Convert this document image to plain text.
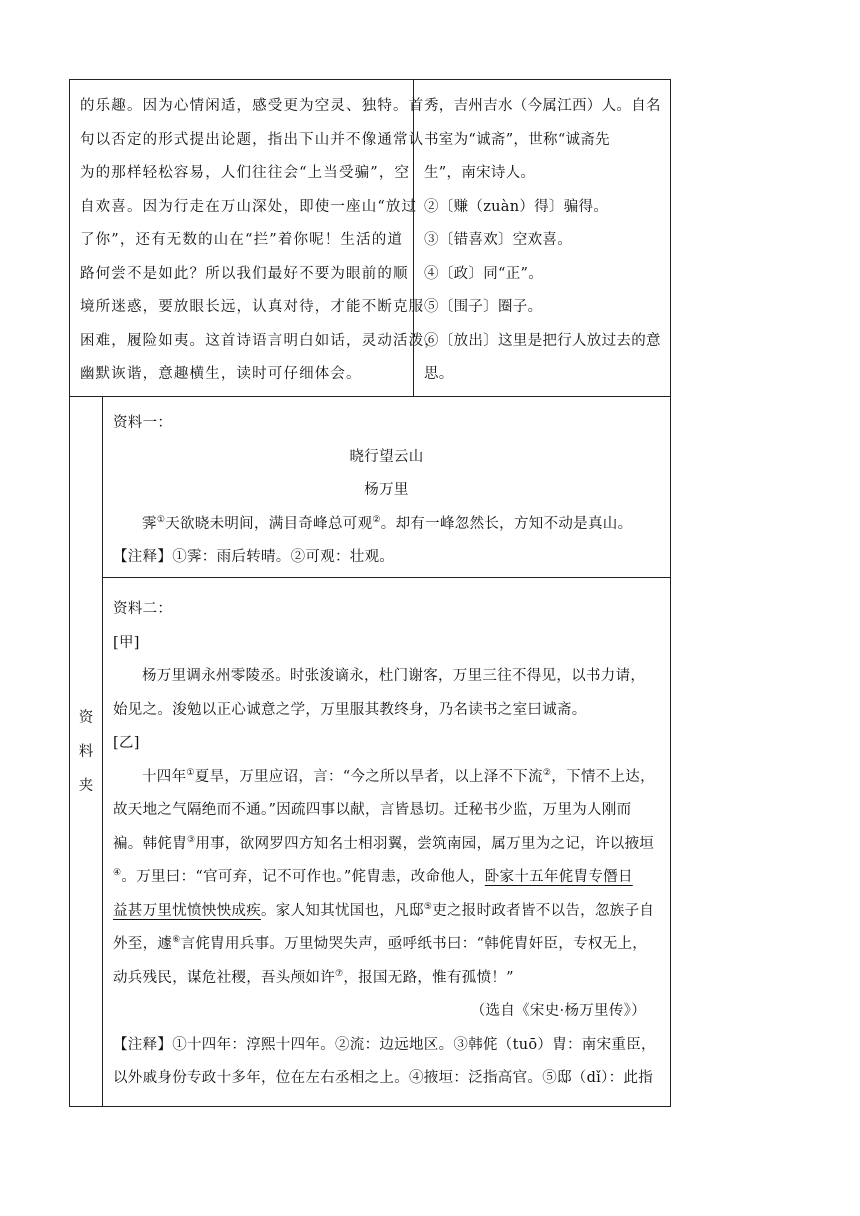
的乐趣。因为心情闲适，感受更为空灵、独特。首

句以否定的形式提出论题，指出下山并不像通常认

为的那样轻松容易，人们往往会“上当受骗”，空

自欢喜。因为行走在万山深处，即使一座山“放过

了你”，还有无数的山在“拦”着你呢！生活的道

路何尝不是如此？所以我们最好不要为眼前的顺

境所迷惑，要放眼长远，认真对待，才能不断克服

困难，履险如夷。这首诗语言明白如话，灵动活泼，

幽默诙谐，意趣横生，读时可仔细体会。

秀，吉州吉水（今属江西）人。自名

书室为“诚斋”，世称“诚斋先

生”，南宋诗人。

②〔赚（zuàn）得〕骗得。

③〔错喜欢〕空欢喜。

④〔政〕同“正”。

⑤〔围子〕圈子。

⑥〔放出〕这里是把行人放过去的意

思。

资
料
夹

资料一：

晓行望云山

杨万里

霁①天欲晓未明间，满目奇峰总可观②。却有一峰忽然长，方知不动是真山。

【注释】①霁：雨后转晴。②可观：壮观。

资料二：

[甲]

杨万里调永州零陵丞。时张浚谪永，杜门谢客，万里三往不得见，以书力请，

始见之。浚勉以正心诚意之学，万里服其教终身，乃名读书之室曰诚斋。

[乙]

十四年①夏旱，万里应诏，言：“今之所以旱者，以上泽不下流②，下情不上达，

故天地之气隔绝而不通。”因疏四事以献，言皆恳切。迁秘书少监，万里为人刚而

褊。韩侂胄③用事，欲网罗四方知名士相羽翼，尝筑南园，属万里为之记，许以掖垣

④。万里曰：“官可弃，记不可作也。”侂胄恚，改命他人，卧家十五年侂胄专僭日

益甚万里忧愤怏怏成疾。家人知其忧国也，凡邸⑤吏之报时政者皆不以告，忽族子自

外至，遽⑥言侂胄用兵事。万里恸哭失声，亟呼纸书曰：“韩侂胄奸臣，专权无上，

动兵残民，谋危社稷，吾头颅如许⑦，报国无路，惟有孤愤！”

（选自《宋史·杨万里传》）

【注释】①十四年：淳熙十四年。②流：边远地区。③韩侂（tuō）胄：南宋重臣，

以外戚身份专政十多年，位在左右丞相之上。④掖垣：泛指高官。⑤邸（dǐ）：此指
